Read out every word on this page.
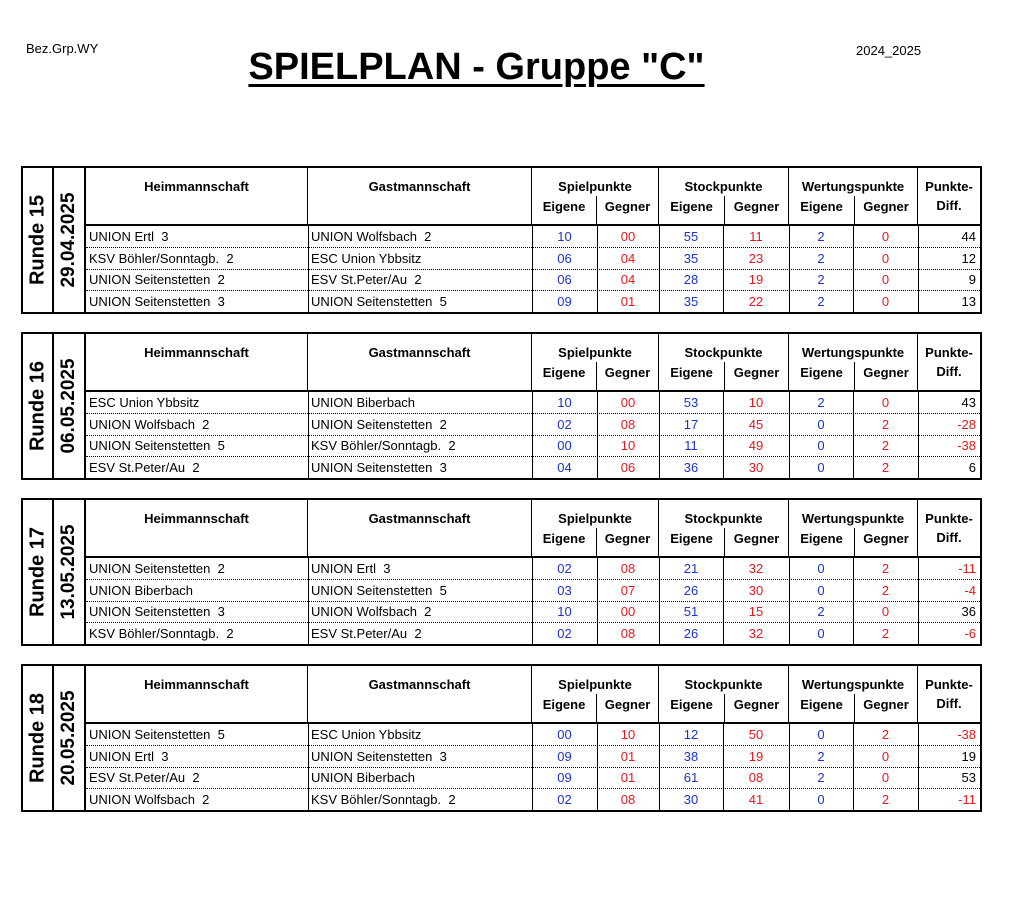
Bez.Grp.WY	2024_2025
SPIELPLAN - Gruppe "C"
Runde 15 29.04.2025
Heimmannschaft	Gastmannschaft	Spielpunkte
Eigene	Gegner
Stockpunkte
Eigene	Gegner
Wertungspunkte
Eigene	Gegner
Punkte-
Diff.
UNION Ertl  3	UNION Wolfsbach  2	10	00	55	11	2	0	44
KSV Böhler/Sonntagb.  2	ESC Union Ybbsitz	06	04	35	23	2	0	12
UNION Seitenstetten  2	ESV St.Peter/Au  2	06	04	28	19	2	0	9
UNION Seitenstetten  3	UNION Seitenstetten  5	09	01	35	22	2	0	13
Runde 16 06.05.2025
Heimmannschaft	Gastmannschaft	Spielpunkte
Eigene	Gegner
Stockpunkte
Eigene	Gegner
Wertungspunkte
Eigene	Gegner
Punkte-
Diff.
ESC Union Ybbsitz	UNION Biberbach	10	00	53	10	2	0	43
UNION Wolfsbach  2	UNION Seitenstetten  2	02	08	17	45	0	2	-28
UNION Seitenstetten  5	KSV Böhler/Sonntagb.  2	00	10	11	49	0	2	-38
ESV St.Peter/Au  2	UNION Seitenstetten  3	04	06	36	30	0	2	6
Runde 17 13.05.2025
Heimmannschaft	Gastmannschaft	Spielpunkte
Eigene	Gegner
Stockpunkte
Eigene	Gegner
Wertungspunkte
Eigene	Gegner
Punkte-
Diff.
UNION Seitenstetten  2	UNION Ertl  3	02	08	21	32	0	2	-11
UNION Biberbach	UNION Seitenstetten  5	03	07	26	30	0	2	-4
UNION Seitenstetten  3	UNION Wolfsbach  2	10	00	51	15	2	0	36
KSV Böhler/Sonntagb.  2	ESV St.Peter/Au  2	02	08	26	32	0	2	-6
Runde 18 20.05.2025
Heimmannschaft	Gastmannschaft	Spielpunkte
Eigene	Gegner
Stockpunkte
Eigene	Gegner
Wertungspunkte
Eigene	Gegner
Punkte-
Diff.
UNION Seitenstetten  5	ESC Union Ybbsitz	00	10	12	50	0	2	-38
UNION Ertl  3	UNION Seitenstetten  3	09	01	38	19	2	0	19
ESV St.Peter/Au  2	UNION Biberbach	09	01	61	08	2	0	53
UNION Wolfsbach  2	KSV Böhler/Sonntagb.  2	02	08	30	41	0	2	-11
